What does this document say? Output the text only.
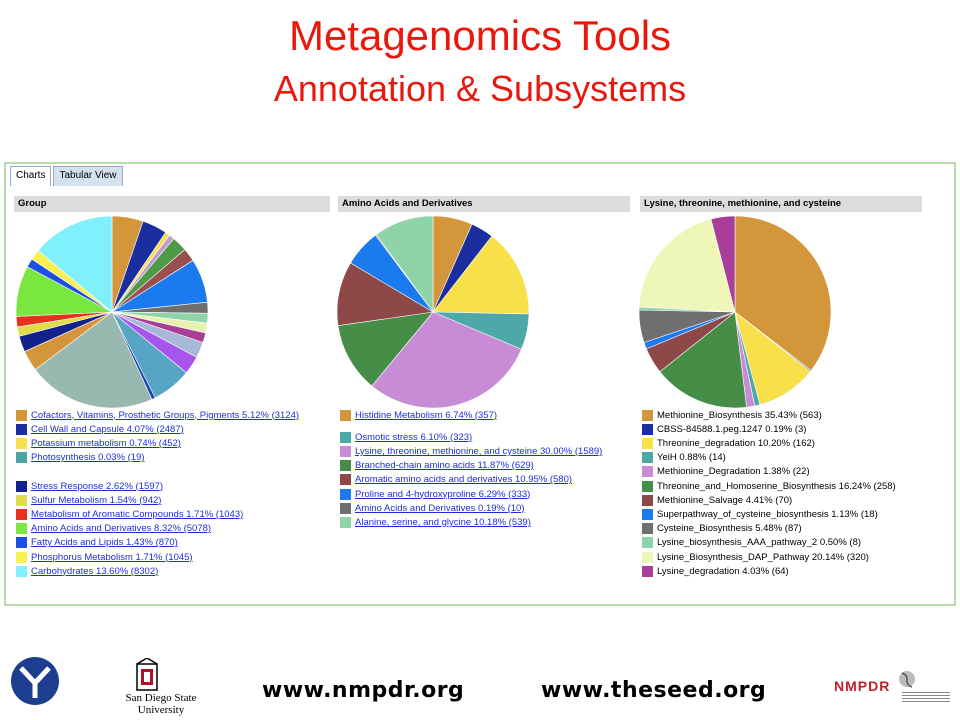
Metagenomics Tools
Annotation & Subsystems
Charts	Tabular View
Group	Amino Acids and Derivatives	Lysine, threonine, methionine, and cysteine
Cofactors, Vitamins, Prosthetic Groups, Pigments 5.12% (3124)
Cell Wall and Capsule 4.07% (2487)
Potassium metabolism 0.74% (452)
Photosynthesis 0.03% (19)
Stress Response 2.62% (1597)
Sulfur Metabolism 1.54% (942)
Metabolism of Aromatic Compounds 1.71% (1043)
Amino Acids and Derivatives 8.32% (5078)
Fatty Acids and Lipids 1.43% (870)
Phosphorus Metabolism 1.71% (1045)
Carbohydrates 13.60% (8302)
Histidine Metabolism 6.74% (357)
Osmotic stress 6.10% (323)
Lysine, threonine, methionine, and cysteine 30.00% (1589)
Branched-chain amino acids 11.87% (629)
Aromatic amino acids and derivatives 10.95% (580)
Proline and 4-hydroxyproline 6.29% (333)
Amino Acids and Derivatives 0.19% (10)
Alanine, serine, and glycine 10.18% (539)
Methionine_Biosynthesis 35.43% (563)
CBSS-84588.1.peg.1247 0.19% (3)
Threonine_degradation 10.20% (162)
YeiH 0.88% (14)
Methionine_Degradation 1.38% (22)
Threonine_and_Homoserine_Biosynthesis 16.24% (258)
Methionine_Salvage 4.41% (70)
Superpathway_of_cysteine_biosynthesis 1.13% (18)
Cysteine_Biosynthesis 5.48% (87)
Lysine_biosynthesis_AAA_pathway_2 0.50% (8)
Lysine_Biosynthesis_DAP_Pathway 20.14% (320)
Lysine_degradation 4.03% (64)
San Diego State University
www.nmpdr.org	www.theseed.org	NMPDR
